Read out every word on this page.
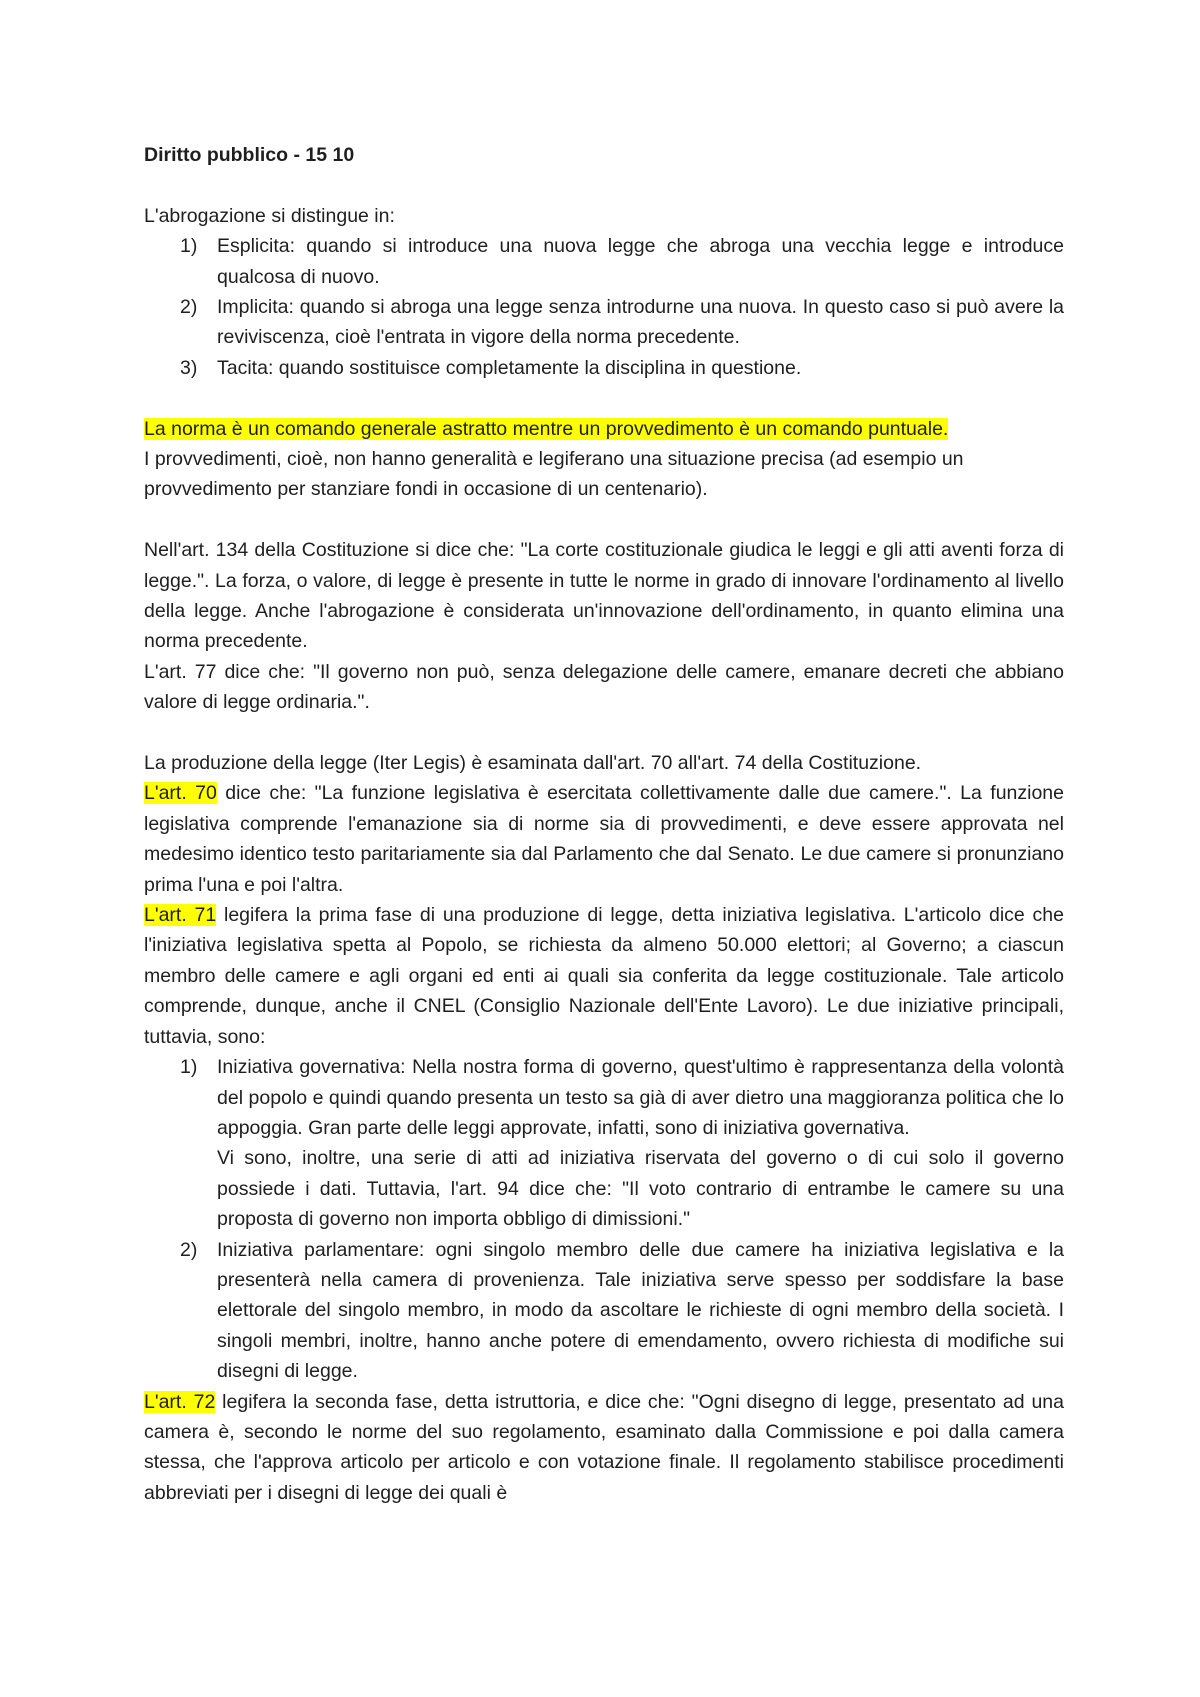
Diritto pubblico - 15 10

L'abrogazione si distingue in:

1) Esplicita: quando si introduce una nuova legge che abroga una vecchia legge e introduce qualcosa di nuovo.
2) Implicita: quando si abroga una legge senza introdurne una nuova. In questo caso si può avere la reviviscenza, cioè l'entrata in vigore della norma precedente.
3) Tacita: quando sostituisce completamente la disciplina in questione.

La norma è un comando generale astratto mentre un provvedimento è un comando puntuale.
I provvedimenti, cioè, non hanno generalità e legiferano una situazione precisa (ad esempio un provvedimento per stanziare fondi in occasione di un centenario).

Nell'art. 134 della Costituzione si dice che: "La corte costituzionale giudica le leggi e gli atti aventi forza di legge.". La forza, o valore, di legge è presente in tutte le norme in grado di innovare l'ordinamento al livello della legge. Anche l'abrogazione è considerata un'innovazione dell'ordinamento, in quanto elimina una norma precedente.

L'art. 77 dice che: "Il governo non può, senza delegazione delle camere, emanare decreti che abbiano valore di legge ordinaria.".

La produzione della legge (Iter Legis) è esaminata dall'art. 70 all'art. 74 della Costituzione.

L'art. 70 dice che: "La funzione legislativa è esercitata collettivamente dalle due camere.". La funzione legislativa comprende l'emanazione sia di norme sia di provvedimenti, e deve essere approvata nel medesimo identico testo paritariamente sia dal Parlamento che dal Senato. Le due camere si pronunziano prima l'una e poi l'altra.

L'art. 71 legifera la prima fase di una produzione di legge, detta iniziativa legislativa. L'articolo dice che l'iniziativa legislativa spetta al Popolo, se richiesta da almeno 50.000 elettori; al Governo; a ciascun membro delle camere e agli organi ed enti ai quali sia conferita da legge costituzionale. Tale articolo comprende, dunque, anche il CNEL (Consiglio Nazionale dell'Ente Lavoro). Le due iniziative principali, tuttavia, sono:

1) Iniziativa governativa: Nella nostra forma di governo, quest'ultimo è rappresentanza della volontà del popolo e quindi quando presenta un testo sa già di aver dietro una maggioranza politica che lo appoggia. Gran parte delle leggi approvate, infatti, sono di iniziativa governativa.
Vi sono, inoltre, una serie di atti ad iniziativa riservata del governo o di cui solo il governo possiede i dati. Tuttavia, l'art. 94 dice che: "Il voto contrario di entrambe le camere su una proposta di governo non importa obbligo di dimissioni."
2) Iniziativa parlamentare: ogni singolo membro delle due camere ha iniziativa legislativa e la presenterà nella camera di provenienza. Tale iniziativa serve spesso per soddisfare la base elettorale del singolo membro, in modo da ascoltare le richieste di ogni membro della società. I singoli membri, inoltre, hanno anche potere di emendamento, ovvero richiesta di modifiche sui disegni di legge.

L'art. 72 legifera la seconda fase, detta istruttoria, e dice che: "Ogni disegno di legge, presentato ad una camera è, secondo le norme del suo regolamento, esaminato dalla Commissione e poi dalla camera stessa, che l'approva articolo per articolo e con votazione finale. Il regolamento stabilisce procedimenti abbreviati per i disegni di legge dei quali è
